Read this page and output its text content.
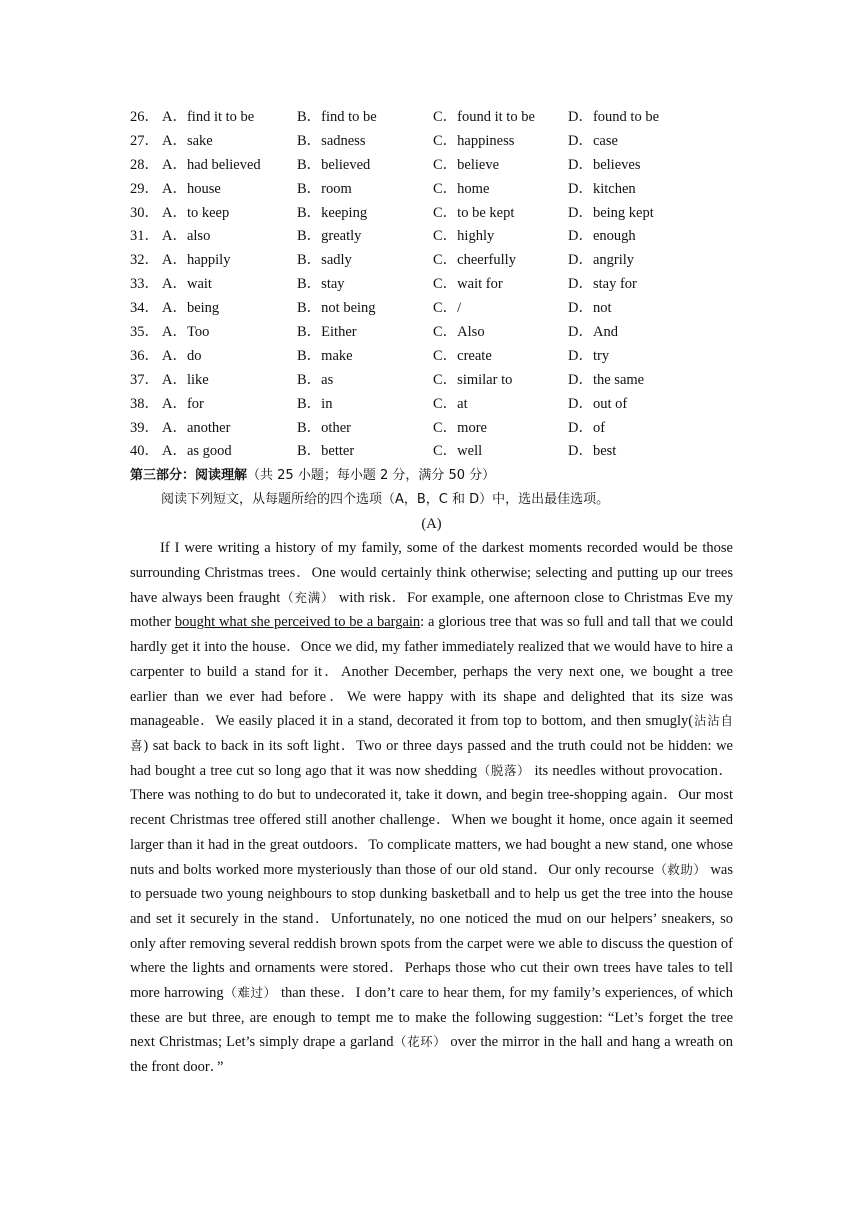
26． A．find it to be	B．find to be	C．found it to be D．found to be
27． A．sake	B．sadness	C．happiness	D．case
28． A．had believed	B．believed	C．believe	D．believes
29． A．house	B．room	C．home	D．kitchen
30． A．to keep	B．keeping	C．to be kept	D．being kept
31． A．also	B．greatly	C．highly	D．enough
32． A．happily	B．sadly	C．cheerfully	D．angrily
33． A．wait	B．stay	C．wait for	D．stay for
34． A．being	B．not being	C．/	D．not
35． A．Too	B．Either	C．Also	D．And
36． A．do	B．make	C．create	D．try
37． A．like	B．as	C．similar to	D．the same
38． A．for	B．in	C．at	D．out of
39． A．another	B．other	C．more	D．of
40． A．as good	B．better	C．well	D．best
第三部分：阅读理解（共 25 小题；每小题 2 分，满分 50 分）
阅读下列短文，从每题所给的四个选项（A，B，C 和 D）中，选出最佳选项。
(A)

If I were writing a history of my family, some of the darkest moments recorded would be those surrounding Christmas trees．One would certainly think otherwise; selecting and putting up our trees have always been fraught（充满） with risk．For example, one afternoon close to Christmas Eve my mother bought what she perceived to be a bargain: a glorious tree that was so full and tall that we could hardly get it into the house．Once we did, my father immediately realized that we would have to hire a carpenter to build a stand for it．Another December, perhaps the very next one, we bought a tree earlier than we ever had before．We were happy with its shape and delighted that its size was manageable．We easily placed it in a stand, decorated it from top to bottom, and then smugly(沾沾自喜) sat back to back in its soft light．Two or three days passed and the truth could not be hidden: we had bought a tree cut so long ago that it was now shedding（脱落） its needles without provocation．There was nothing to do but to undecorated it, take it down, and begin tree-shopping again．Our most recent Christmas tree offered still another challenge．When we bought it home, once again it seemed larger than it had in the great outdoors．To complicate matters, we had bought a new stand, one whose nuts and bolts worked more mysteriously than those of our old stand．Our only recourse（救助） was to persuade two young neighbours to stop dunking basketball and to help us get the tree into the house and set it securely in the stand．Unfortunately, no one noticed the mud on our helpers’ sneakers, so only after removing several reddish brown spots from the carpet were we able to discuss the question of where the lights and ornaments were stored．Perhaps those who cut their own trees have tales to tell more harrowing（难过） than these．I don’t care to hear them, for my family’s experiences, of which these are but three, are enough to tempt me to make the following suggestion: “Let’s forget the tree next Christmas; Let’s simply drape a garland（花环） over the mirror in the hall and hang a wreath on the front door．”
